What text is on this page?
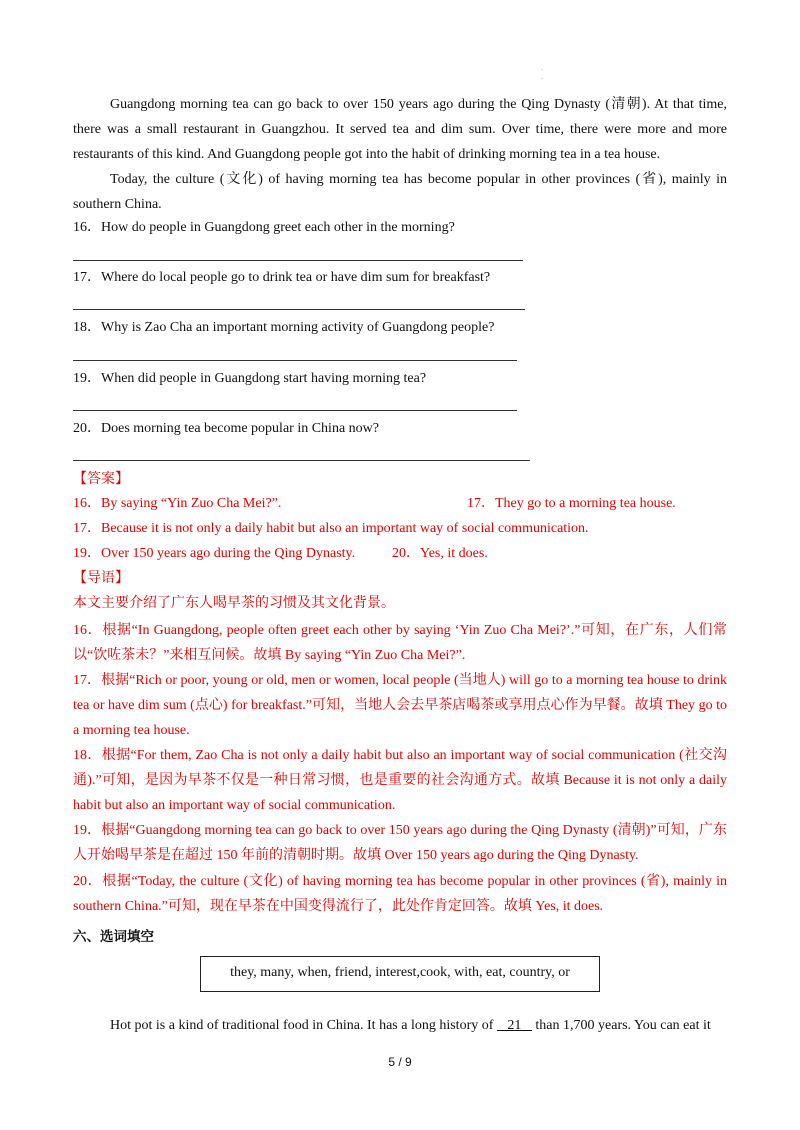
·
·
Guangdong morning tea can go back to over 150 years ago during the Qing Dynasty (清朝). At that time, there was a small restaurant in Guangzhou. It served tea and dim sum. Over time, there were more and more restaurants of this kind. And Guangdong people got into the habit of drinking morning tea in a tea house.
Today, the culture (文化) of having morning tea has become popular in other provinces (省), mainly in southern China.
16．How do people in Guangdong greet each other in the morning?
17．Where do local people go to drink tea or have dim sum for breakfast?
18．Why is Zao Cha an important morning activity of Guangdong people?
19．When did people in Guangdong start having morning tea?
20．Does morning tea become popular in China now?
【答案】
16．By saying “Yin Zuo Cha Mei?”.	17．They go to a morning tea house.
17．Because it is not only a daily habit but also an important way of social communication.
19．Over 150 years ago during the Qing Dynasty.	20．Yes, it does.
【导语】
本文主要介绍了广东人喝早茶的习惯及其文化背景。
16．根据“In Guangdong, people often greet each other by saying ‘Yin Zuo Cha Mei?’.”可知，在广东，人们常以“饮咗茶未？”来相互问候。故填 By saying “Yin Zuo Cha Mei?”.
17．根据“Rich or poor, young or old, men or women, local people (当地人) will go to a morning tea house to drink tea or have dim sum (点心) for breakfast.”可知，当地人会去早茶店喝茶或享用点心作为早餐。故填 They go to a morning tea house.
18．根据“For them, Zao Cha is not only a daily habit but also an important way of social communication (社交沟通).”可知，是因为早茶不仅是一种日常习惯，也是重要的社会沟通方式。故填 Because it is not only a daily habit but also an important way of social communication.
19．根据“Guangdong morning tea can go back to over 150 years ago during the Qing Dynasty (清朝)”可知，广东人开始喝早茶是在超过 150 年前的清朝时期。故填 Over 150 years ago during the Qing Dynasty.
20．根据“Today, the culture (文化) of having morning tea has become popular in other provinces (省), mainly in southern China.”可知，现在早茶在中国变得流行了，此处作肯定回答。故填 Yes, it does.
六、选词填空
they, many, when, friend, interest,cook, with, eat, country, or
Hot pot is a kind of traditional food in China. It has a long history of    21    than 1,700 years. You can eat it
5 / 9
